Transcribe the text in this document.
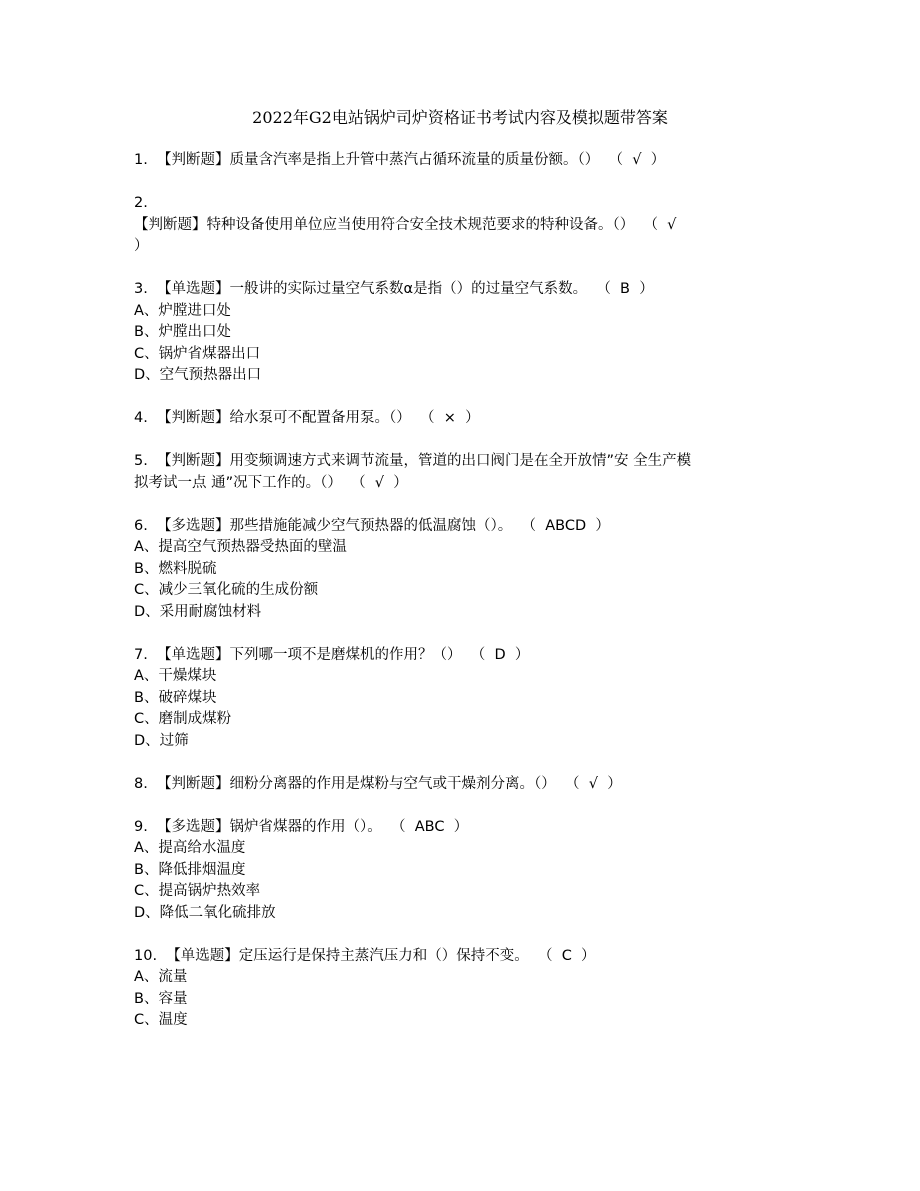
2022年G2电站锅炉司炉资格证书考试内容及模拟题带答案
1.  【判断题】质量含汽率是指上升管中蒸汽占循环流量的质量份额。（）  （  √  ）
2.
【判断题】特种设备使用单位应当使用符合安全技术规范要求的特种设备。（）  （  √
）
3.  【单选题】一般讲的实际过量空气系数α是指（）的过量空气系数。  （  B  ）
A、炉膛进口处
B、炉膛出口处
C、锅炉省煤器出口
D、空气预热器出口
4.  【判断题】给水泵可不配置备用泵。（）  （  ×  ）
5.  【判断题】用变频调速方式来调节流量，管道的出口阀门是在全开放情”安 全生产模
拟考试一点 通”况下工作的。（）  （  √  ）
6.  【多选题】那些措施能减少空气预热器的低温腐蚀（）。  （  ABCD  ）
A、提高空气预热器受热面的壁温
B、燃料脱硫
C、减少三氧化硫的生成份额
D、采用耐腐蚀材料
7.  【单选题】下列哪一项不是磨煤机的作用？（）  （  D  ）
A、干燥煤块
B、破碎煤块
C、磨制成煤粉
D、过筛
8.  【判断题】细粉分离器的作用是煤粉与空气或干燥剂分离。（）  （  √  ）
9.  【多选题】锅炉省煤器的作用（）。  （  ABC  ）
A、提高给水温度
B、降低排烟温度
C、提高锅炉热效率
D、降低二氧化硫排放
10.  【单选题】定压运行是保持主蒸汽压力和（）保持不变。  （  C  ）
A、流量
B、容量
C、温度
